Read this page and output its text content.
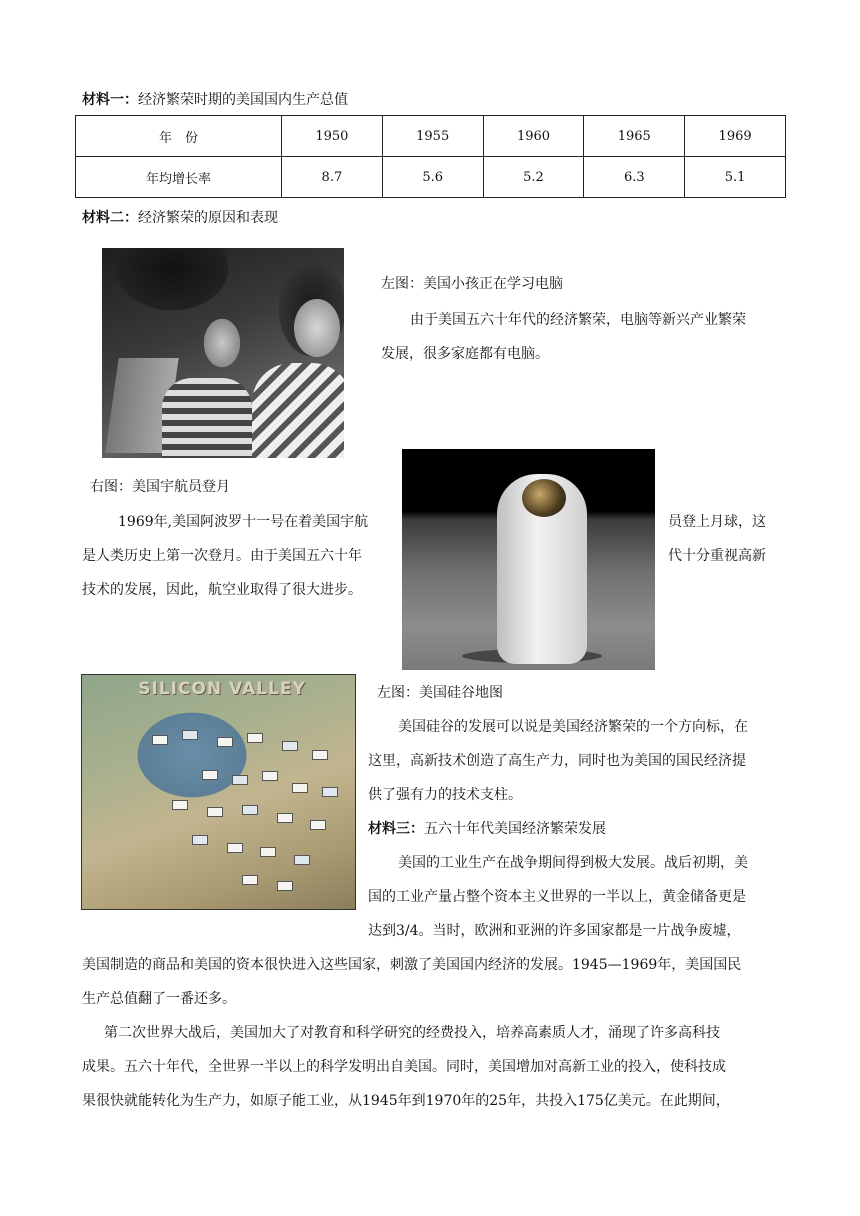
材料一：经济繁荣时期的美国国内生产总值
年　份	1950	1955	1960	1965	1969
年均增长率	8.7	5.6	5.2	6.3	5.1
材料二：经济繁荣的原因和表现
左图：美国小孩正在学习电脑
由于美国五六十年代的经济繁荣，电脑等新兴产业繁荣
发展，很多家庭都有电脑。
右图：美国宇航员登月
1969年,美国阿波罗十一号在着美国宇航	员登上月球，这
是人类历史上第一次登月。由于美国五六十年	代十分重视高新
技术的发展，因此，航空业取得了很大进步。
SILICON VALLEY	左图：美国硅谷地图
美国硅谷的发展可以说是美国经济繁荣的一个方向标，在
这里，高新技术创造了高生产力，同时也为美国的国民经济提
供了强有力的技术支柱。
材料三：五六十年代美国经济繁荣发展
美国的工业生产在战争期间得到极大发展。战后初期，美
国的工业产量占整个资本主义世界的一半以上，黄金储备更是
达到3/4。当时，欧洲和亚洲的许多国家都是一片战争废墟，
美国制造的商品和美国的资本很快进入这些国家，刺激了美国国内经济的发展。1945—1969年，美国国民
生产总值翻了一番还多。
第二次世界大战后，美国加大了对教育和科学研究的经费投入，培养高素质人才，涌现了许多高科技
成果。五六十年代，全世界一半以上的科学发明出自美国。同时，美国增加对高新工业的投入，使科技成
果很快就能转化为生产力，如原子能工业，从1945年到1970年的25年，共投入175亿美元。在此期间，
